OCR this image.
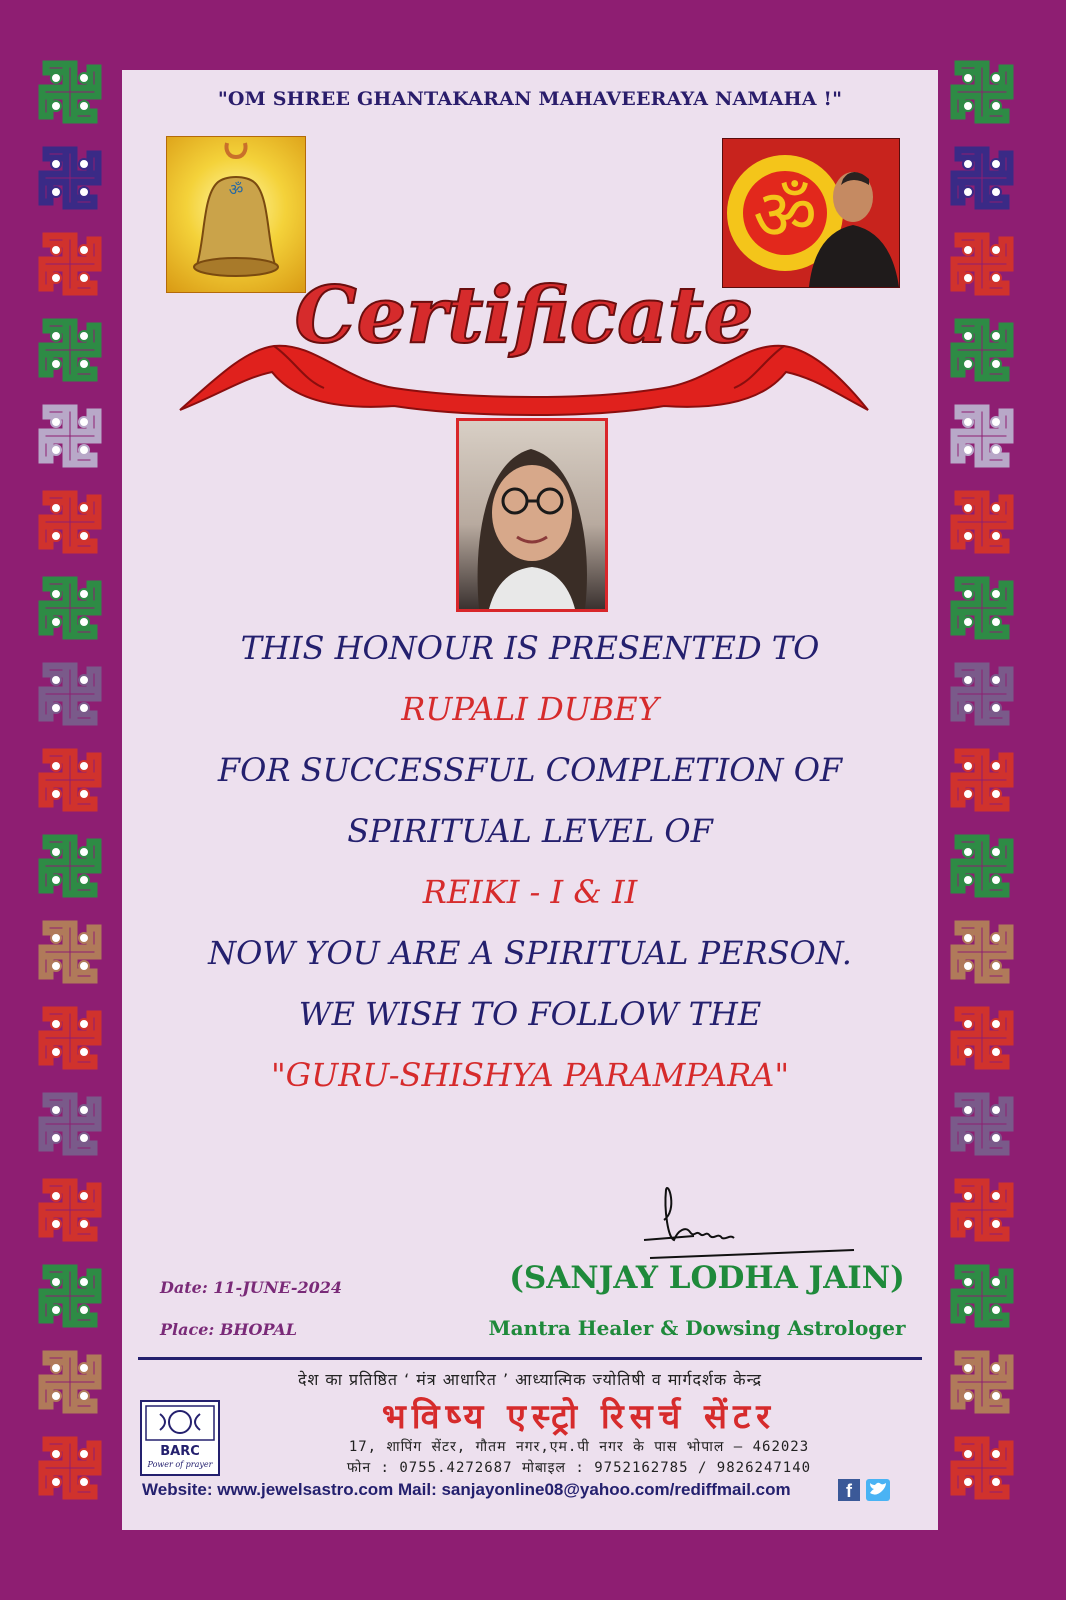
"OM SHREE GHANTAKARAN MAHAVEERAYA NAMAHA !"
ॐ	ॐ
Certificate
THIS HONOUR IS PRESENTED TO
RUPALI DUBEY
FOR SUCCESSFUL COMPLETION OF
SPIRITUAL LEVEL OF
REIKI - I & II
NOW YOU ARE A SPIRITUAL PERSON.
WE WISH TO FOLLOW THE
"GURU-SHISHYA PARAMPARA"
Date: 11-JUNE-2024
Place: BHOPAL
(SANJAY LODHA JAIN)
Mantra Healer & Dowsing Astrologer
देश का प्रतिष्ठित ‘ मंत्र आधारित ’ आध्यात्मिक ज्योतिषी व मार्गदर्शक केन्द्र
BARC
Power of prayer
भविष्य एस्ट्रो रिसर्च सेंटर
17, शापिंग सेंटर, गौतम नगर,एम.पी नगर के पास भोपाल – 462023
फोन : 0755.4272687 मोबाइल : 9752162785 / 9826247140
Website: www.jewelsastro.com Mail: sanjayonline08@yahoo.com/rediffmail.com	f
